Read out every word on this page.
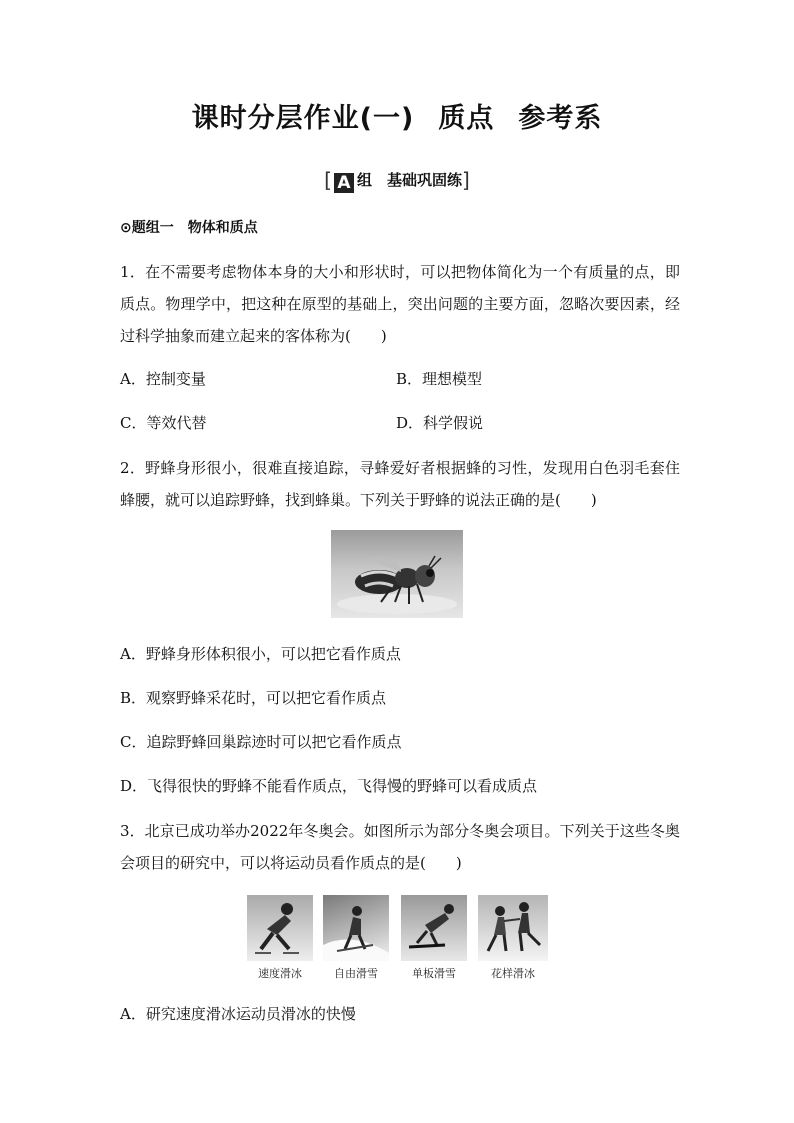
课时分层作业(一) 质点 参考系
[ A 组　基础巩固练]
⊙题组一 物体和质点
1．在不需要考虑物体本身的大小和形状时，可以把物体简化为一个有质量的点，即质点。物理学中，把这种在原型的基础上，突出问题的主要方面，忽略次要因素，经过科学抽象而建立起来的客体称为(　　)
A．控制变量	B．理想模型
C．等效代替	D．科学假说
2．野蜂身形很小，很难直接追踪，寻蜂爱好者根据蜂的习性，发现用白色羽毛套住蜂腰，就可以追踪野蜂，找到蜂巢。下列关于野蜂的说法正确的是(　　)
A．野蜂身形体积很小，可以把它看作质点
B．观察野蜂采花时，可以把它看作质点
C．追踪野蜂回巢踪迹时可以把它看作质点
D．飞得很快的野蜂不能看作质点，飞得慢的野蜂可以看成质点
3．北京已成功举办2022年冬奥会。如图所示为部分冬奥会项目。下列关于这些冬奥会项目的研究中，可以将运动员看作质点的是(　　)
速度滑冰	自由滑雪	单板滑雪	花样滑冰
A．研究速度滑冰运动员滑冰的快慢
